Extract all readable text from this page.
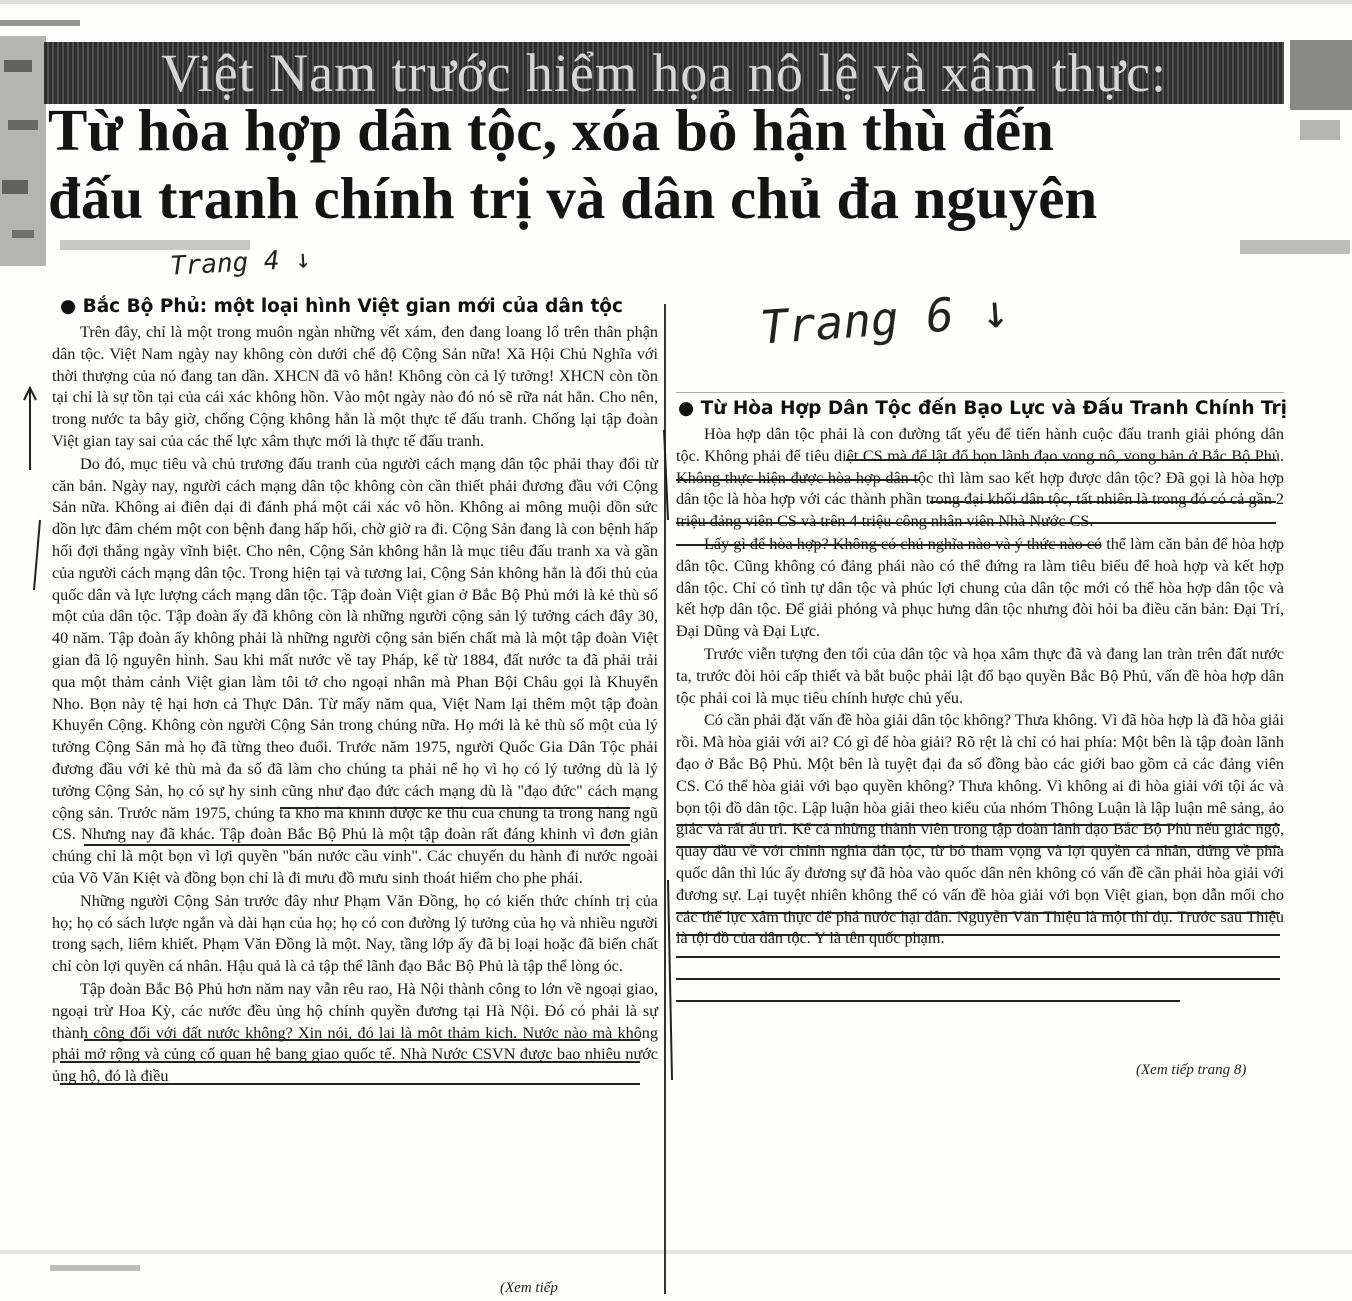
Việt Nam trước hiểm họa nô lệ và xâm thực:
Từ hòa hợp dân tộc, xóa bỏ hận thù đến
đấu tranh chính trị và dân chủ đa nguyên
Trang 4 ↓
Trang 6 ↓
● Bắc Bộ Phủ: một loại hình Việt gian mới của dân tộc

Trên đây, chỉ là một trong muôn ngàn những vết xám, đen đang loang lổ trên thân phận dân tộc. Việt Nam ngày nay không còn dưới chế độ Cộng Sản nữa! Xã Hội Chủ Nghĩa với thời thượng của nó đang tan dần. XHCN đã vô hẳn! Không còn cả lý tưởng! XHCN còn tồn tại chỉ là sự tồn tại của cái xác không hồn. Vào một ngày nào đó nó sẽ rữa nát hẳn. Cho nên, trong nước ta bây giờ, chống Cộng không hẳn là một thực tế đấu tranh. Chống lại tập đoàn Việt gian tay sai của các thế lực xâm thực mới là thực tế đấu tranh.

Do đó, mục tiêu và chủ trương đấu tranh của người cách mạng dân tộc phải thay đổi từ căn bản. Ngày nay, người cách mạng dân tộc không còn cần thiết phải đương đầu với Cộng Sản nữa. Không ai điên dại đi đánh phá một cái xác vô hồn. Không ai mông muội dồn sức dồn lực đâm chém một con bệnh đang hấp hối, chờ giờ ra đi. Cộng Sản đang là con bệnh hấp hối đợi thắng ngày vĩnh biệt. Cho nên, Cộng Sản không hẳn là mục tiêu đấu tranh xa và gần của người cách mạng dân tộc. Trong hiện tại và tương lai, Cộng Sản không hẳn là đối thủ của quốc dân và lực lượng cách mạng dân tộc. Tập đoàn Việt gian ở Bắc Bộ Phủ mới là kẻ thù số một của dân tộc. Tập đoàn ấy đã không còn là những người cộng sản lý tưởng cách đây 30, 40 năm. Tập đoàn ấy không phải là những người cộng sản biến chất mà là một tập đoàn Việt gian đã lộ nguyên hình. Sau khi mất nước về tay Pháp, kể từ 1884, đất nước ta đã phải trải qua một thảm cảnh Việt gian làm tôi tớ cho ngoại nhân mà Phan Bội Châu gọi là Khuyển Nho. Bọn này tệ hại hơn cả Thực Dân. Từ mấy năm qua, Việt Nam lại thêm một tập đoàn Khuyển Cộng. Không còn người Cộng Sản trong chúng nữa. Họ mới là kẻ thù số một của lý tưởng Cộng Sản mà họ đã từng theo đuổi. Trước năm 1975, người Quốc Gia Dân Tộc phải đương đầu với kẻ thù mà đa số đã làm cho chúng ta phải nể họ vì họ có lý tưởng dù là lý tưởng Cộng Sản, họ có sự hy sinh cũng như đạo đức cách mạng dù là "đạo đức" cách mạng cộng sản. Trước năm 1975, chúng ta khó mà khinh được kẻ thù của chúng ta trong hàng ngũ CS. Nhưng nay đã khác. Tập đoàn Bắc Bộ Phủ là một tập đoàn rất đáng khinh vì đơn giản chúng chỉ là một bọn vì lợi quyền "bán nước cầu vinh". Các chuyến du hành đi nước ngoài của Võ Văn Kiệt và đồng bọn chỉ là đi mưu đồ mưu sinh thoát hiểm cho phe phái.

Những người Cộng Sản trước đây như Phạm Văn Đồng, họ có kiến thức chính trị của họ; họ có sách lược ngắn và dài hạn của họ; họ có con đường lý tưởng của họ và nhiều người trong sạch, liêm khiết. Phạm Văn Đồng là một. Nay, tầng lớp ấy đã bị loại hoặc đã biến chất chỉ còn lợi quyền cá nhân. Hậu quả là cả tập thể lãnh đạo Bắc Bộ Phủ là tập thể lòng óc.

Tập đoàn Bắc Bộ Phủ hơn năm nay vẫn rêu rao, Hà Nội thành công to lớn về ngoại giao, ngoại trừ Hoa Kỳ, các nước đều ủng hộ chính quyền đương tại Hà Nội. Đó có phải là sự thành công đối với đất nước không? Xin nói, đó lại là một thảm kịch. Nước nào mà không phải mở rộng và củng cố quan hệ bang giao quốc tế. Nhà Nước CSVN được bao nhiêu nước ủng hộ, đó là điều

(Xem tiếp
● Từ Hòa Hợp Dân Tộc đến Bạo Lực và Đấu Tranh Chính Trị

Hòa hợp dân tộc phải là con đường tất yếu để tiến hành cuộc đấu tranh giải phóng dân tộc. Không phải để tiêu diệt CS mà để lật đổ bọn lãnh đạo vong nô, vong bản ở Bắc Bộ Phủ. Không thực hiện được hòa hợp dân tộc thì làm sao kết hợp được dân tộc? Đã gọi là hòa hợp dân tộc là hòa hợp với các thành phần trong đại khối dân tộc, tất nhiên là trong đó có cả gần 2 triệu đảng viên CS và trên 4 triệu công nhân viên Nhà Nước CS.

Lấy gì để hòa hợp? Không có chủ nghĩa nào và ý thức nào có thể làm căn bản để hòa hợp dân tộc. Cũng không có đảng phái nào có thể đứng ra làm tiêu biểu để hoà hợp và kết hợp dân tộc. Chỉ có tình tự dân tộc và phúc lợi chung của dân tộc mới có thể hòa hợp dân tộc và kết hợp dân tộc. Để giải phóng và phục hưng dân tộc nhưng đòi hỏi ba điều căn bản: Đại Trí, Đại Dũng và Đại Lực.

Trước viễn tượng đen tối của dân tộc và họa xâm thực đã và đang lan tràn trên đất nước ta, trước đòi hỏi cấp thiết và bắt buộc phải lật đổ bạo quyền Bắc Bộ Phủ, vấn đề hòa hợp dân tộc phải coi là mục tiêu chính hược chủ yếu.

Có cần phải đặt vấn đề hòa giải dân tộc không? Thưa không. Vì đã hòa hợp là đã hòa giải rồi. Mà hòa giải với ai? Có gì để hòa giải? Rõ rệt là chỉ có hai phía: Một bên là tập đoàn lãnh đạo ở Bắc Bộ Phủ. Một bên là tuyệt đại đa số đồng bào các giới bao gồm cả các đảng viên CS. Có thể hòa giải với bạo quyền không? Thưa không. Vì không ai đi hòa giải với tội ác và bọn tội đồ dân tộc. Lập luận hòa giải theo kiểu của nhóm Thông Luận là lập luận mê sảng, ảo giác và rất ấu trĩ. Kể cả những thành viên trong tập đoàn lãnh đạo Bắc Bộ Phủ nếu giác ngộ, quay đầu về với chính nghĩa dân tộc, từ bỏ tham vọng và lợi quyền cá nhân, đứng về phía quốc dân thì lúc ấy đương sự đã hòa vào quốc dân nên không có vấn đề cần phải hòa giải với đương sự. Lại tuyệt nhiên không thể có vấn đề hòa giải với bọn Việt gian, bọn dẫn mối cho các thế lực xâm thực để phá nước hại dân. Nguyễn Văn Thiệu là một thí dụ. Trước sau Thiệu là tội đồ của dân tộc. Y là tên quốc phạm.

(Xem tiếp trang 8)
